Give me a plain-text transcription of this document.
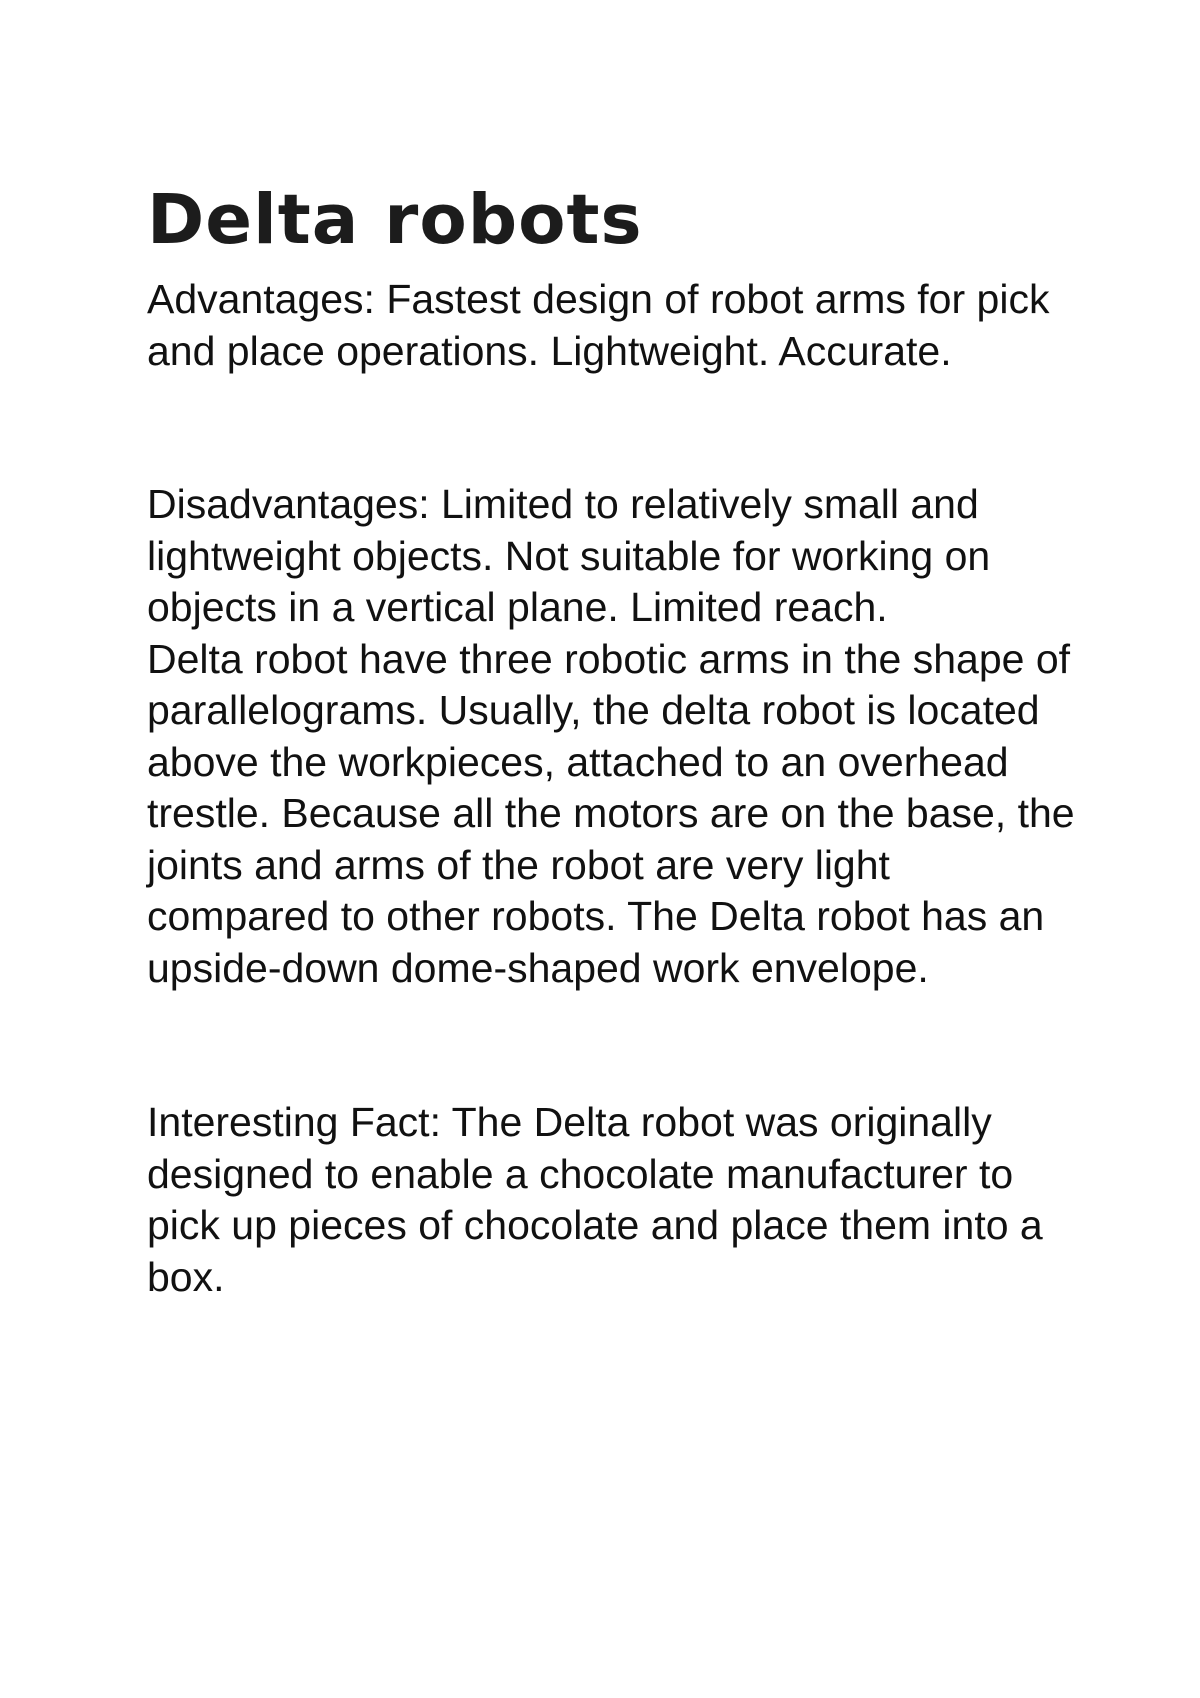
Delta robots

Advantages: Fastest design of robot arms for pick and place operations. Lightweight. Accurate.

Disadvantages: Limited to relatively small and lightweight objects. Not suitable for working on objects in a vertical plane. Limited reach.

Delta robot have three robotic arms in the shape of parallelograms. Usually, the delta robot is located above the workpieces, attached to an overhead trestle. Because all the motors are on the base, the joints and arms of the robot are very light compared to other robots. The Delta robot has an upside-down dome-shaped work envelope.

Interesting Fact: The Delta robot was originally designed to enable a chocolate manufacturer to pick up pieces of chocolate and place them into a box.
